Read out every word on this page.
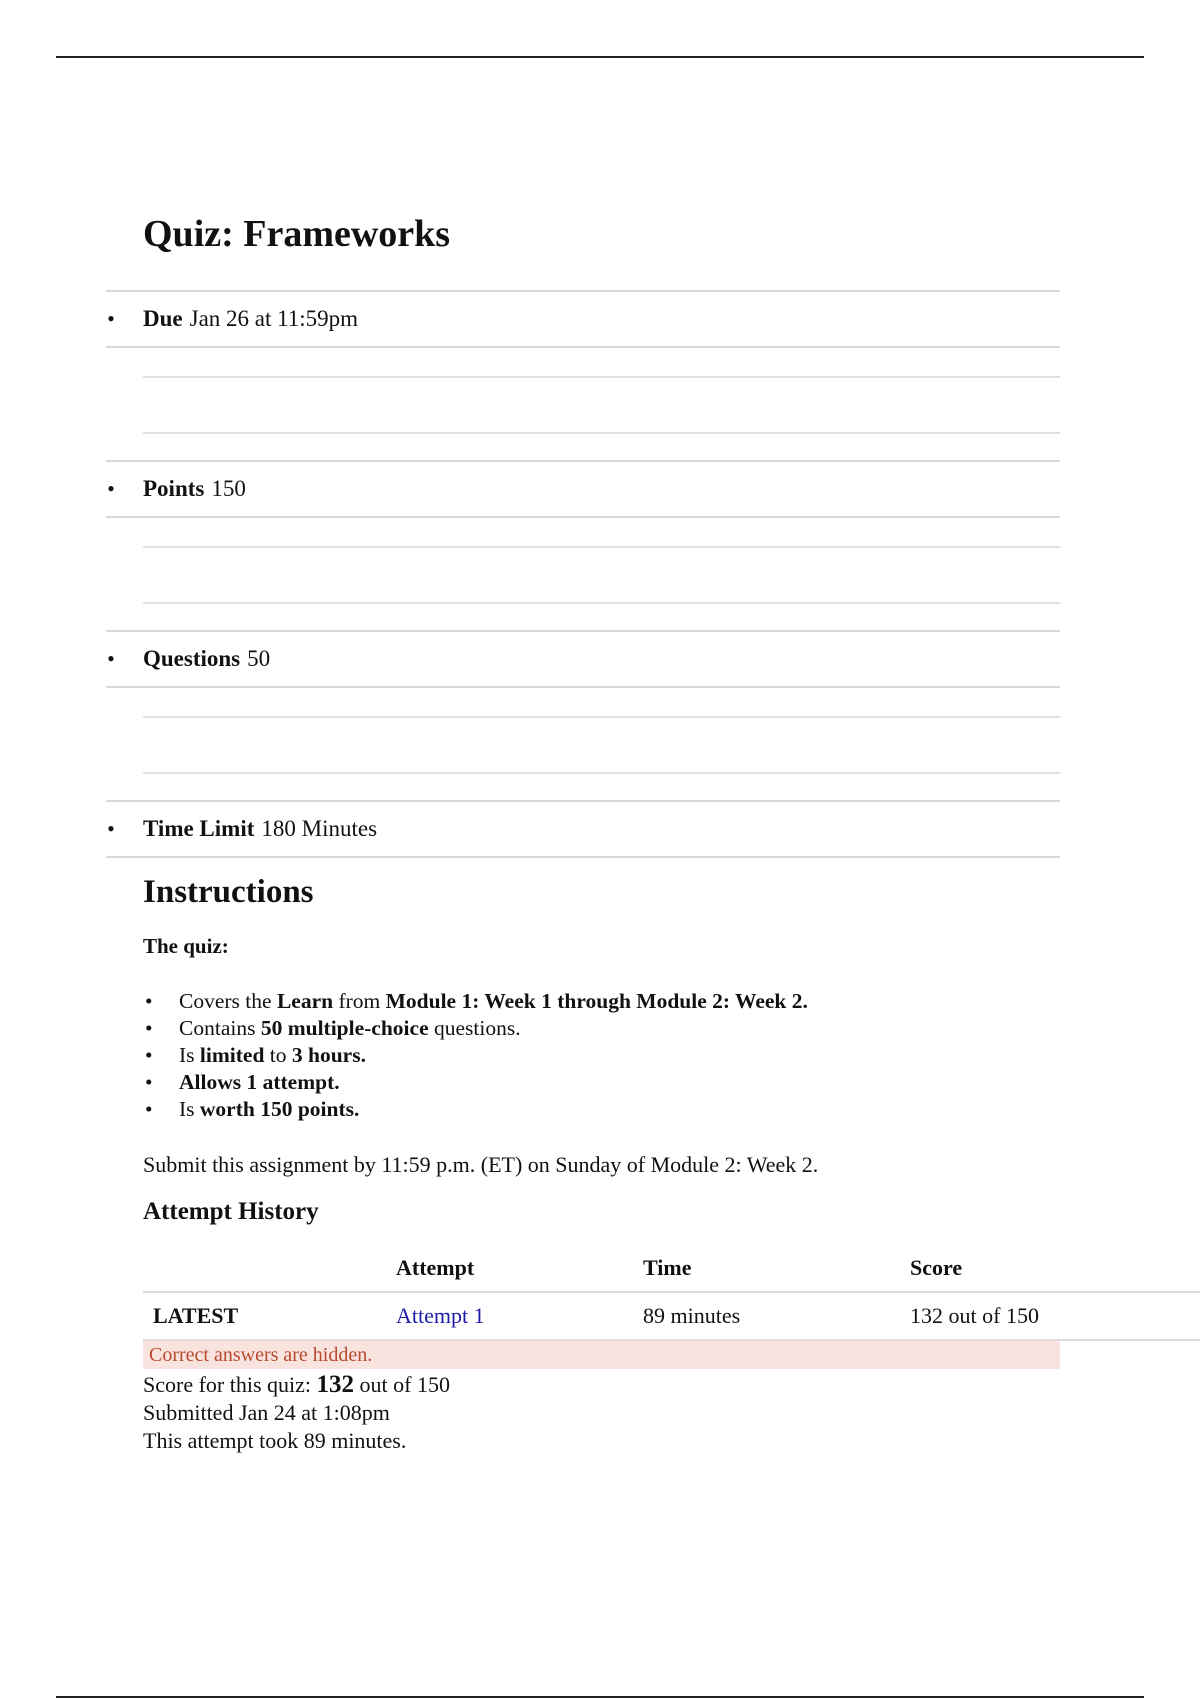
Quiz: Frameworks
• Due Jan 26 at 11:59pm
• Points 150
• Questions 50
• Time Limit 180 Minutes
Instructions

The quiz:

• Covers the Learn from Module 1: Week 1 through Module 2: Week 2.
• Contains 50 multiple-choice questions.
• Is limited to 3 hours.
• Allows 1 attempt.
• Is worth 150 points.

Submit this assignment by 11:59 p.m. (ET) on Sunday of Module 2: Week 2.

Attempt History
	Attempt	Time	Score
LATEST	Attempt 1	89 minutes	132 out of 150
Correct answers are hidden.
Score for this quiz: 132 out of 150
Submitted Jan 24 at 1:08pm
This attempt took 89 minutes.
